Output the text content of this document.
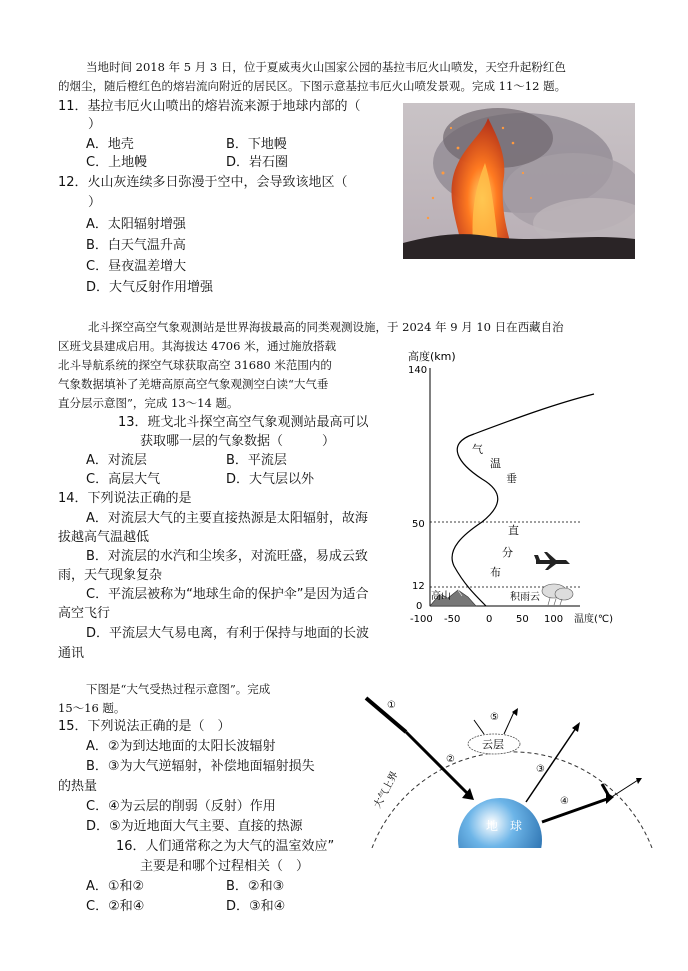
当地时间 2018 年 5 月 3 日，位于夏威夷火山国家公园的基拉韦厄火山喷发，天空升起粉红色
的烟尘，随后橙红色的熔岩流向附近的居民区。下图示意基拉韦厄火山喷发景观。完成 11～12 题。
11．基拉韦厄火山喷出的熔岩流来源于地球内部的（
）
A．地壳	B．下地幔
C．上地幔	D．岩石圈
12．火山灰连续多日弥漫于空中，会导致该地区（
）
A．太阳辐射增强
B．白天气温升高
C．昼夜温差增大
D．大气反射作用增强
北斗探空高空气象观测站是世界海拔最高的同类观测设施，于 2024 年 9 月 10 日在西藏自治
区班戈县建成启用。其海拔达 4706 米，通过施放搭载
北斗导航系统的探空气球获取高空 31680 米范围内的
气象数据填补了羌塘高原高空气象观测空白读“大气垂
直分层示意图”，完成 13～14 题。
13．班戈北斗探空高空气象观测站最高可以
获取哪一层的气象数据（　　　）
A．对流层	B．平流层
C．高层大气	D．大气层以外
14．下列说法正确的是
A．对流层大气的主要直接热源是太阳辐射，故海
拔越高气温越低
B．对流层的水汽和尘埃多，对流旺盛，易成云致
雨，天气现象复杂
C．平流层被称为“地球生命的保护伞”是因为适合
高空飞行
D．平流层大气易电离，有利于保持与地面的长波
通讯
高度(km)
140
50
12
0
-100 -50	0 50 100 温度(℃)
气
温
垂
直
分
布
高山	积雨云
下图是“大气受热过程示意图”。完成
15～16 题。
15．下列说法正确的是（　）
A．②为到达地面的太阳长波辐射
B．③为大气逆辐射，补偿地面辐射损失
的热量
C．④为云层的削弱（反射）作用
D．⑤为近地面大气主要、直接的热源
16．人们通常称之为大气的温室效应”
主要是和哪个过程相关（　）
A．①和②	B．②和③
C．②和④	D．③和④
大气上界
地　球
①
②
云层
⑤
③
④
